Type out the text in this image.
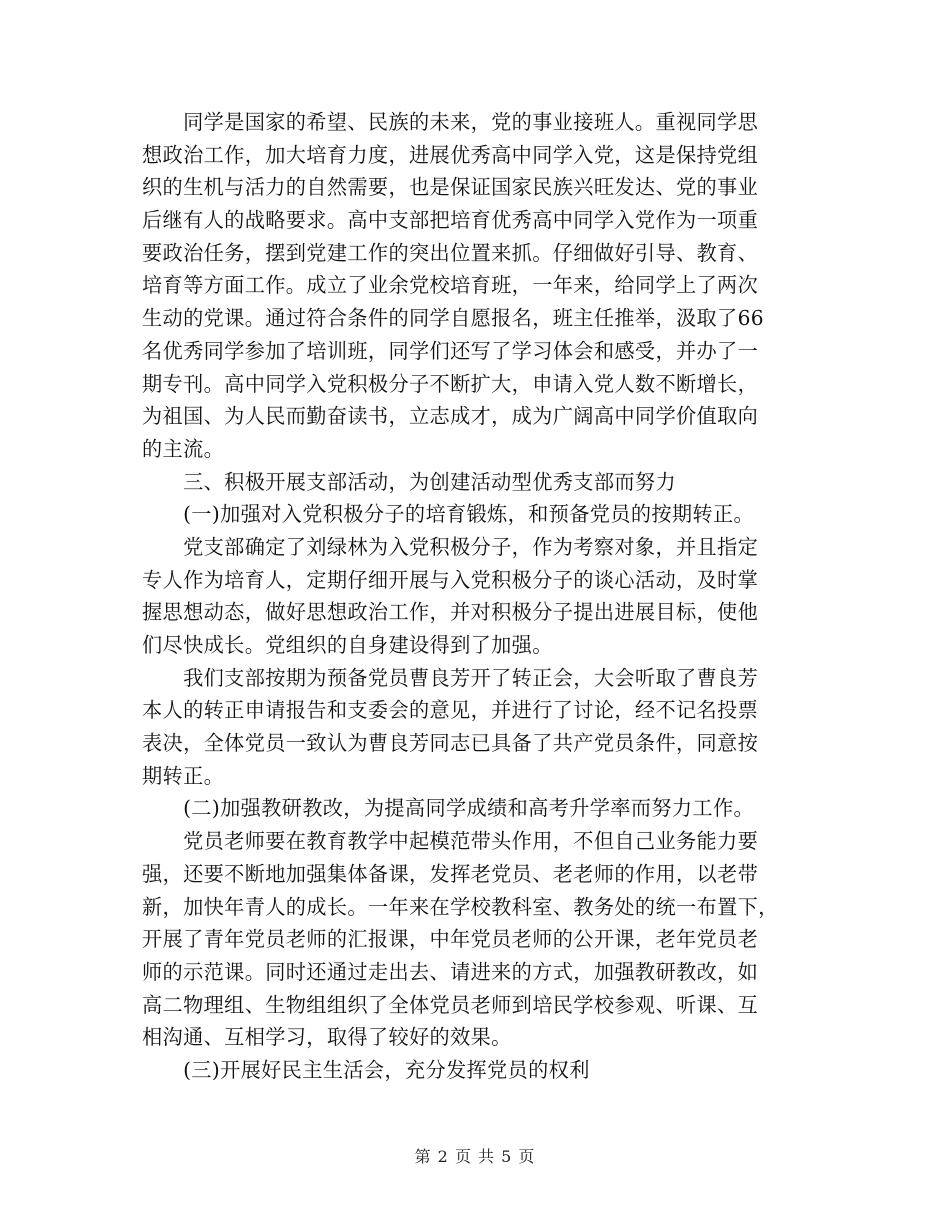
　　同学是国家的希望、民族的未来，党的事业接班人。重视同学思
想政治工作，加大培育力度，进展优秀高中同学入党，这是保持党组
织的生机与活力的自然需要，也是保证国家民族兴旺发达、党的事业
后继有人的战略要求。高中支部把培育优秀高中同学入党作为一项重
要政治任务，摆到党建工作的突出位置来抓。仔细做好引导、教育、
培育等方面工作。成立了业余党校培育班，一年来，给同学上了两次
生动的党课。通过符合条件的同学自愿报名，班主任推举，汲取了66
名优秀同学参加了培训班，同学们还写了学习体会和感受，并办了一
期专刊。高中同学入党积极分子不断扩大，申请入党人数不断增长，
为祖国、为人民而勤奋读书，立志成才，成为广阔高中同学价值取向
的主流。
　　三、积极开展支部活动，为创建活动型优秀支部而努力
　　(一)加强对入党积极分子的培育锻炼，和预备党员的按期转正。
　　党支部确定了刘绿林为入党积极分子，作为考察对象，并且指定
专人作为培育人，定期仔细开展与入党积极分子的谈心活动，及时掌
握思想动态，做好思想政治工作，并对积极分子提出进展目标，使他
们尽快成长。党组织的自身建设得到了加强。
　　我们支部按期为预备党员曹良芳开了转正会，大会听取了曹良芳
本人的转正申请报告和支委会的意见，并进行了讨论，经不记名投票
表决，全体党员一致认为曹良芳同志已具备了共产党员条件，同意按
期转正。
　　(二)加强教研教改，为提高同学成绩和高考升学率而努力工作。
　　党员老师要在教育教学中起模范带头作用，不但自己业务能力要
强，还要不断地加强集体备课，发挥老党员、老老师的作用，以老带
新，加快年青人的成长。一年来在学校教科室、教务处的统一布置下，
开展了青年党员老师的汇报课，中年党员老师的公开课，老年党员老
师的示范课。同时还通过走出去、请进来的方式，加强教研教改，如
高二物理组、生物组组织了全体党员老师到培民学校参观、听课、互
相沟通、互相学习，取得了较好的效果。
　　(三)开展好民主生活会，充分发挥党员的权利
第 2 页 共 5 页
